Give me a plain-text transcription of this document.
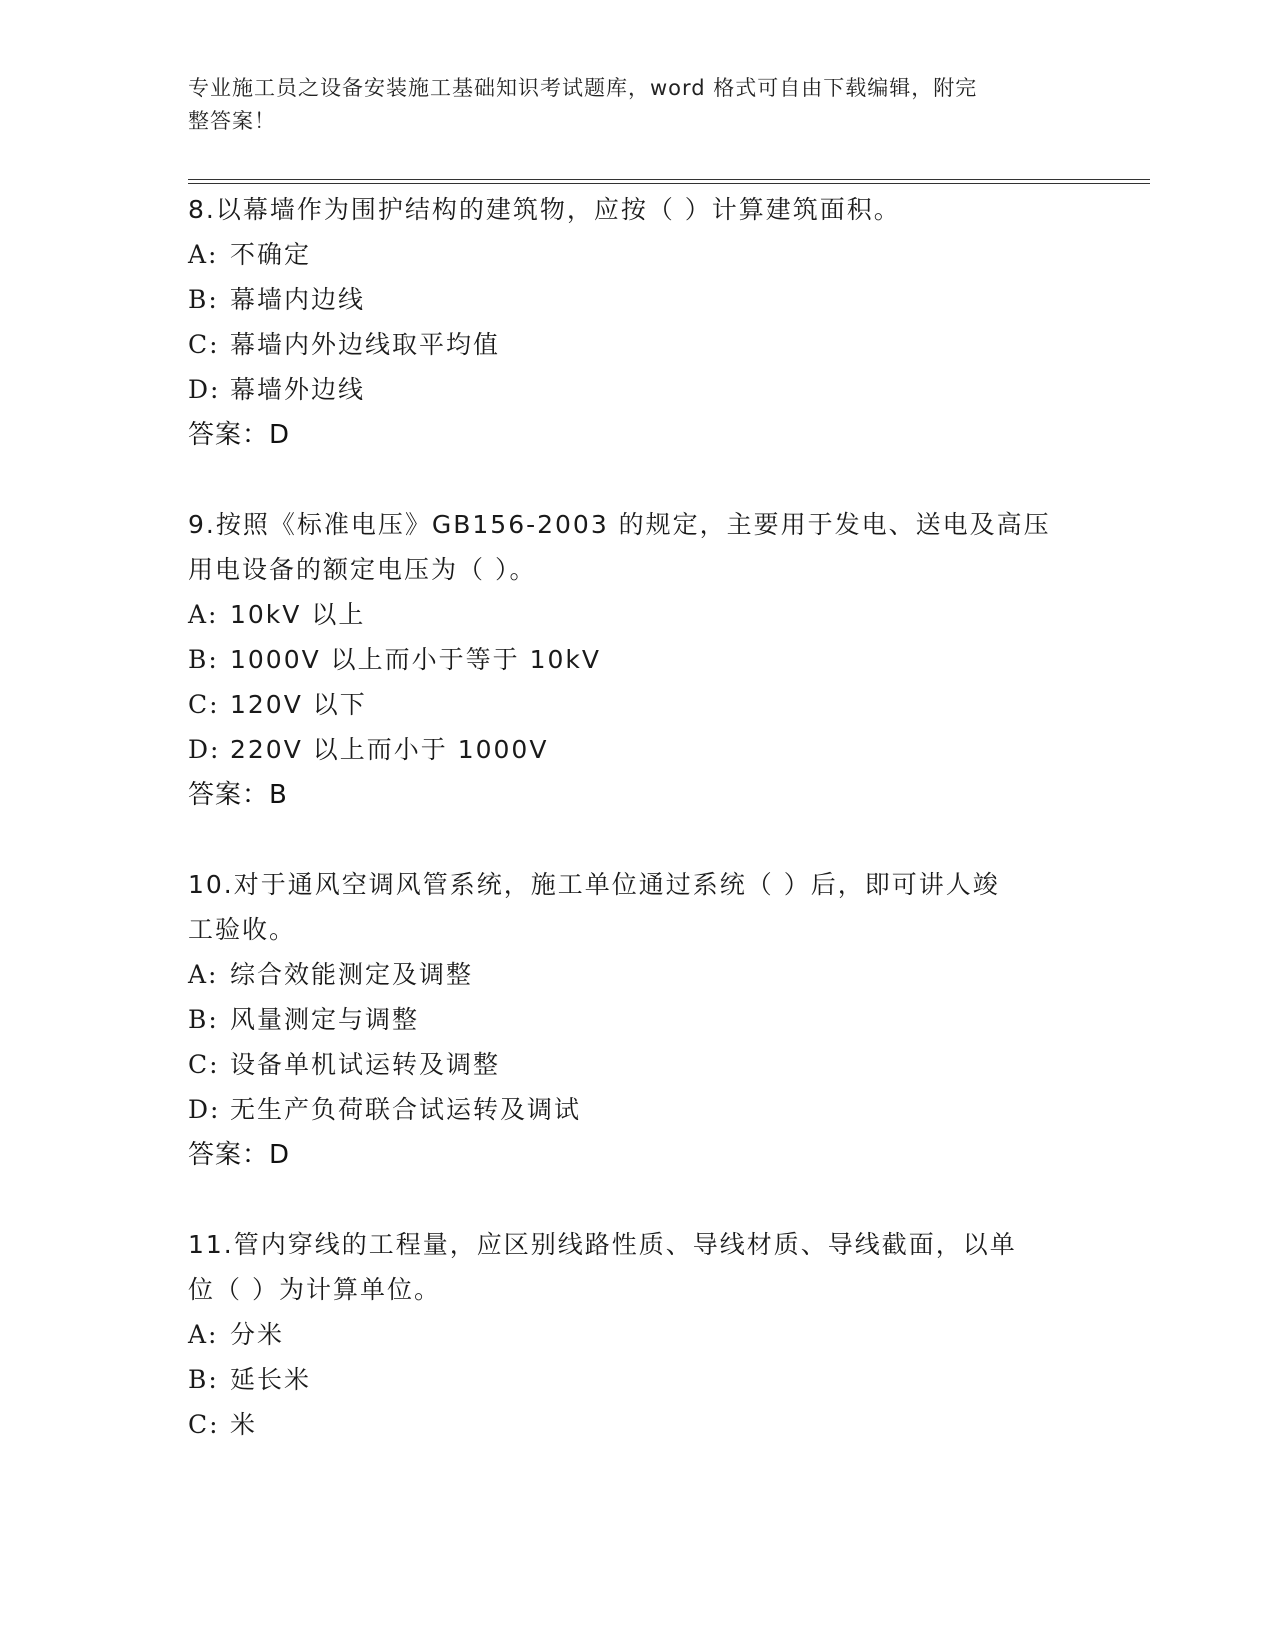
专业施工员之设备安装施工基础知识考试题库，word 格式可自由下载编辑，附完
整答案！
8.以幕墙作为围护结构的建筑物，应按（ ）计算建筑面积。
A: 不确定
B: 幕墙内边线
C: 幕墙内外边线取平均值
D: 幕墙外边线
答案：D
9.按照《标准电压》GB156-2003 的规定，主要用于发电、送电及高压
用电设备的额定电压为（ ）。
A: 10kV 以上
B: 1000V 以上而小于等于 10kV
C: 120V 以下
D: 220V 以上而小于 1000V
答案：B
10.对于通风空调风管系统，施工单位通过系统（ ）后，即可讲人竣
工验收。
A: 综合效能测定及调整
B: 风量测定与调整
C: 设备单机试运转及调整
D: 无生产负荷联合试运转及调试
答案：D
11.管内穿线的工程量，应区别线路性质、导线材质、导线截面，以单
位（ ）为计算单位。
A: 分米
B: 延长米
C: 米
